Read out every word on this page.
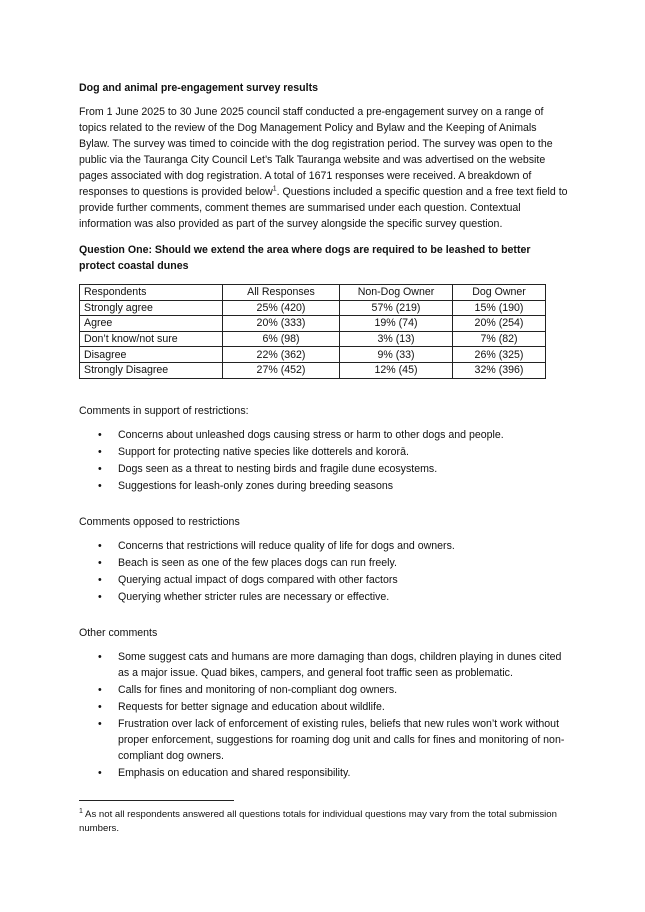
Dog and animal pre-engagement survey results

From 1 June 2025 to 30 June 2025 council staff conducted a pre-engagement survey on a range of topics related to the review of the Dog Management Policy and Bylaw and the Keeping of Animals Bylaw. The survey was timed to coincide with the dog registration period. The survey was open to the public via the Tauranga City Council Let’s Talk Tauranga website and was advertised on the website pages associated with dog registration. A total of 1671 responses were received. A breakdown of responses to questions is provided below$^1$. Questions included a specific question and a free text field to provide further comments, comment themes are summarised under each question. Contextual information was also provided as part of the survey alongside the specific survey question.

Question One: Should we extend the area where dogs are required to be leashed to better protect coastal dunes

Respondents	All Responses	Non-Dog Owner	Dog Owner
Strongly agree	25% (420)	57% (219)	15% (190)
Agree	20% (333)	19% (74)	20% (254)
Don’t know/not sure	6% (98)	3% (13)	7% (82)
Disagree	22% (362)	9% (33)	26% (325)
Strongly Disagree	27% (452)	12% (45)	32% (396)

Comments in support of restrictions:

• Concerns about unleashed dogs causing stress or harm to other dogs and people.
• Support for protecting native species like dotterels and kororā.
• Dogs seen as a threat to nesting birds and fragile dune ecosystems.
• Suggestions for leash-only zones during breeding seasons

Comments opposed to restrictions

• Concerns that restrictions will reduce quality of life for dogs and owners.
• Beach is seen as one of the few places dogs can run freely.
• Querying actual impact of dogs compared with other factors
• Querying whether stricter rules are necessary or effective.

Other comments

• Some suggest cats and humans are more damaging than dogs, children playing in dunes cited as a major issue. Quad bikes, campers, and general foot traffic seen as problematic.
• Calls for fines and monitoring of non-compliant dog owners.
• Requests for better signage and education about wildlife.
• Frustration over lack of enforcement of existing rules, beliefs that new rules won’t work without proper enforcement, suggestions for roaming dog unit and calls for fines and monitoring of non-compliant dog owners.
• Emphasis on education and shared responsibility.

$^1$ As not all respondents answered all questions totals for individual questions may vary from the total submission numbers.
